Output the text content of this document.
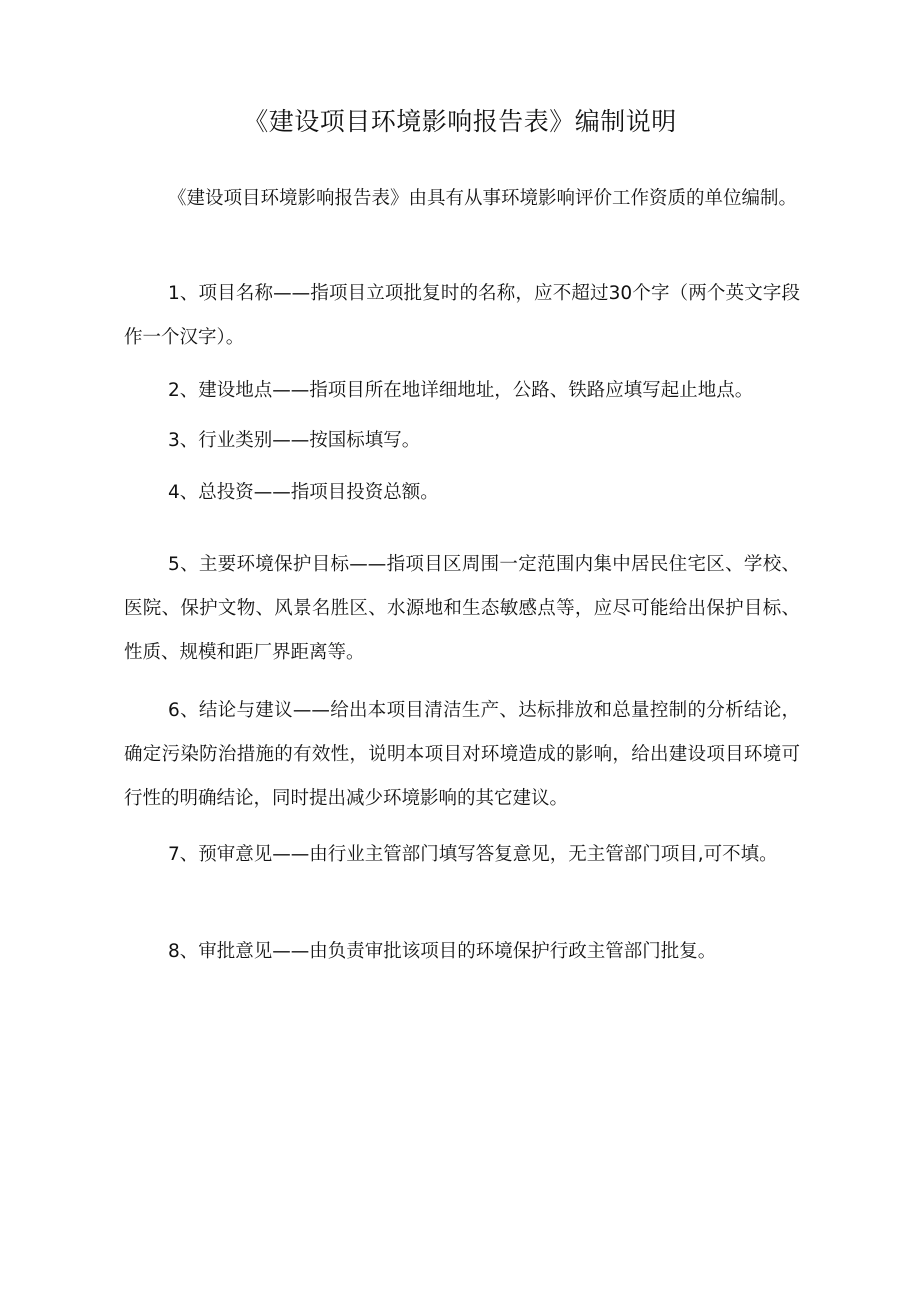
《建设项目环境影响报告表》编制说明

《建设项目环境影响报告表》由具有从事环境影响评价工作资质的单位编制。

1、项目名称——指项目立项批复时的名称，应不超过30个字（两个英文字段作一个汉字）。

2、建设地点——指项目所在地详细地址，公路、铁路应填写起止地点。

3、行业类别——按国标填写。

4、总投资——指项目投资总额。

5、主要环境保护目标——指项目区周围一定范围内集中居民住宅区、学校、医院、保护文物、风景名胜区、水源地和生态敏感点等，应尽可能给出保护目标、性质、规模和距厂界距离等。

6、结论与建议——给出本项目清洁生产、达标排放和总量控制的分析结论，确定污染防治措施的有效性，说明本项目对环境造成的影响，给出建设项目环境可行性的明确结论，同时提出减少环境影响的其它建议。

7、预审意见——由行业主管部门填写答复意见，无主管部门项目,可不填。

8、审批意见——由负责审批该项目的环境保护行政主管部门批复。
